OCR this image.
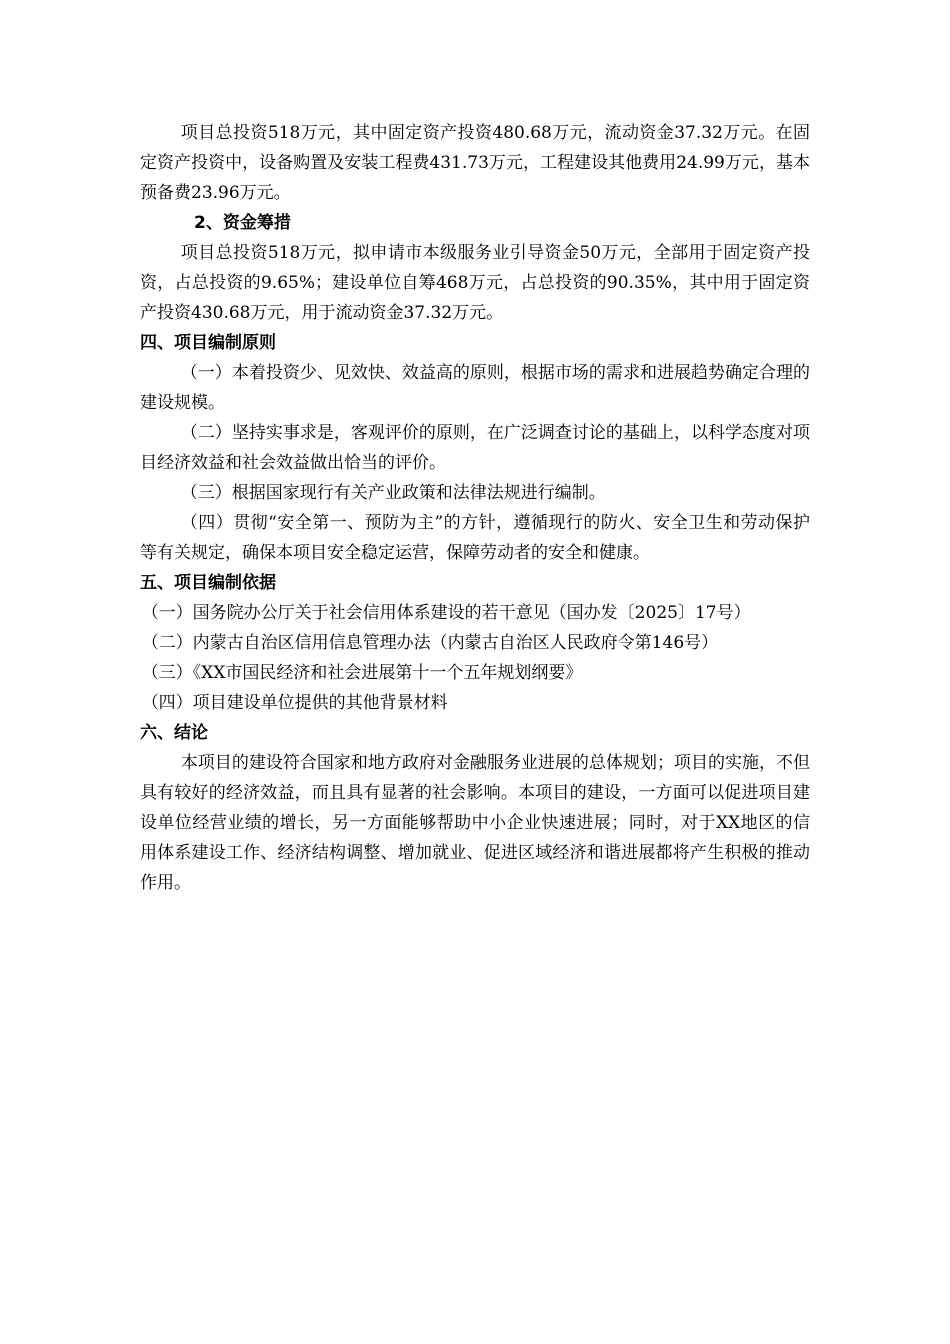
项目总投资518万元，其中固定资产投资480.68万元，流动资金37.32万元。在固定资产投资中，设备购置及安装工程费431.73万元，工程建设其他费用24.99万元，基本预备费23.96万元。

2、资金筹措

项目总投资518万元，拟申请市本级服务业引导资金50万元，全部用于固定资产投资，占总投资的9.65%；建设单位自筹468万元，占总投资的90.35%，其中用于固定资产投资430.68万元，用于流动资金37.32万元。

四、项目编制原则

（一）本着投资少、见效快、效益高的原则，根据市场的需求和进展趋势确定合理的建设规模。

（二）坚持实事求是，客观评价的原则，在广泛调查讨论的基础上，以科学态度对项目经济效益和社会效益做出恰当的评价。

（三）根据国家现行有关产业政策和法律法规进行编制。

（四）贯彻“安全第一、预防为主”的方针，遵循现行的防火、安全卫生和劳动保护等有关规定，确保本项目安全稳定运营，保障劳动者的安全和健康。

五、项目编制依据

（一）国务院办公厅关于社会信用体系建设的若干意见（国办发〔2025〕17号）

（二）内蒙古自治区信用信息管理办法（内蒙古自治区人民政府令第146号）

（三）《XX市国民经济和社会进展第十一个五年规划纲要》

（四）项目建设单位提供的其他背景材料

六、结论

本项目的建设符合国家和地方政府对金融服务业进展的总体规划；项目的实施，不但具有较好的经济效益，而且具有显著的社会影响。本项目的建设，一方面可以促进项目建设单位经营业绩的增长，另一方面能够帮助中小企业快速进展；同时，对于XX地区的信用体系建设工作、经济结构调整、增加就业、促进区域经济和谐进展都将产生积极的推动作用。
